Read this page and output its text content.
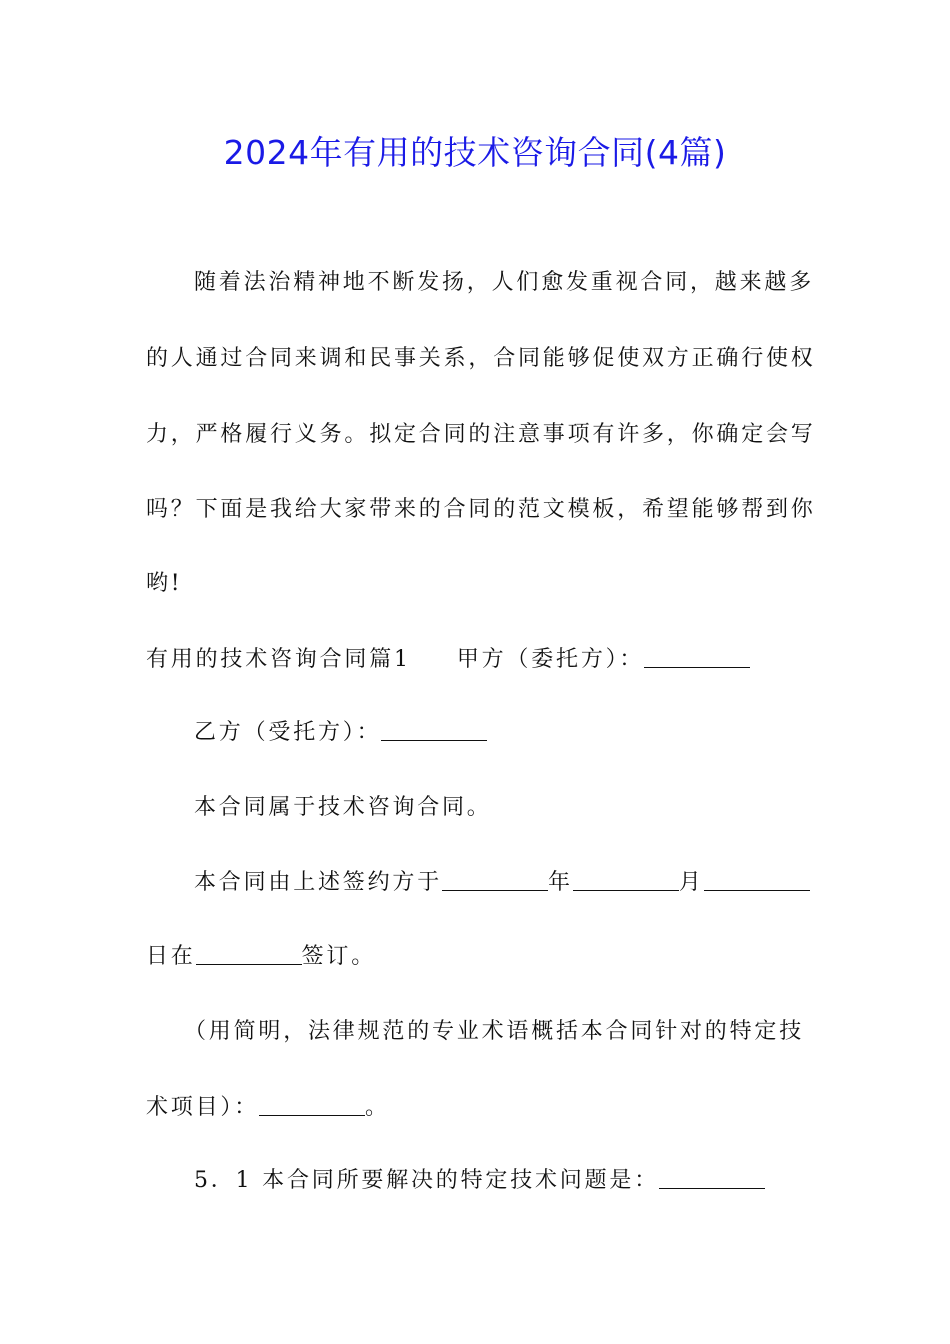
2024年有用的技术咨询合同(4篇)
随着法治精神地不断发扬，人们愈发重视合同，越来越多
的人通过合同来调和民事关系，合同能够促使双方正确行使权
力，严格履行义务。拟定合同的注意事项有许多，你确定会写
吗？下面是我给大家带来的合同的范文模板，希望能够帮到你
哟!
有用的技术咨询合同篇1 甲方（委托方）：
乙方（受托方）：
本合同属于技术咨询合同。
本合同由上述签约方于	年	月
日在	签订。
（用简明，法律规范的专业术语概括本合同针对的特定技
术项目）：	。
5．1 本合同所要解决的特定技术问题是：
